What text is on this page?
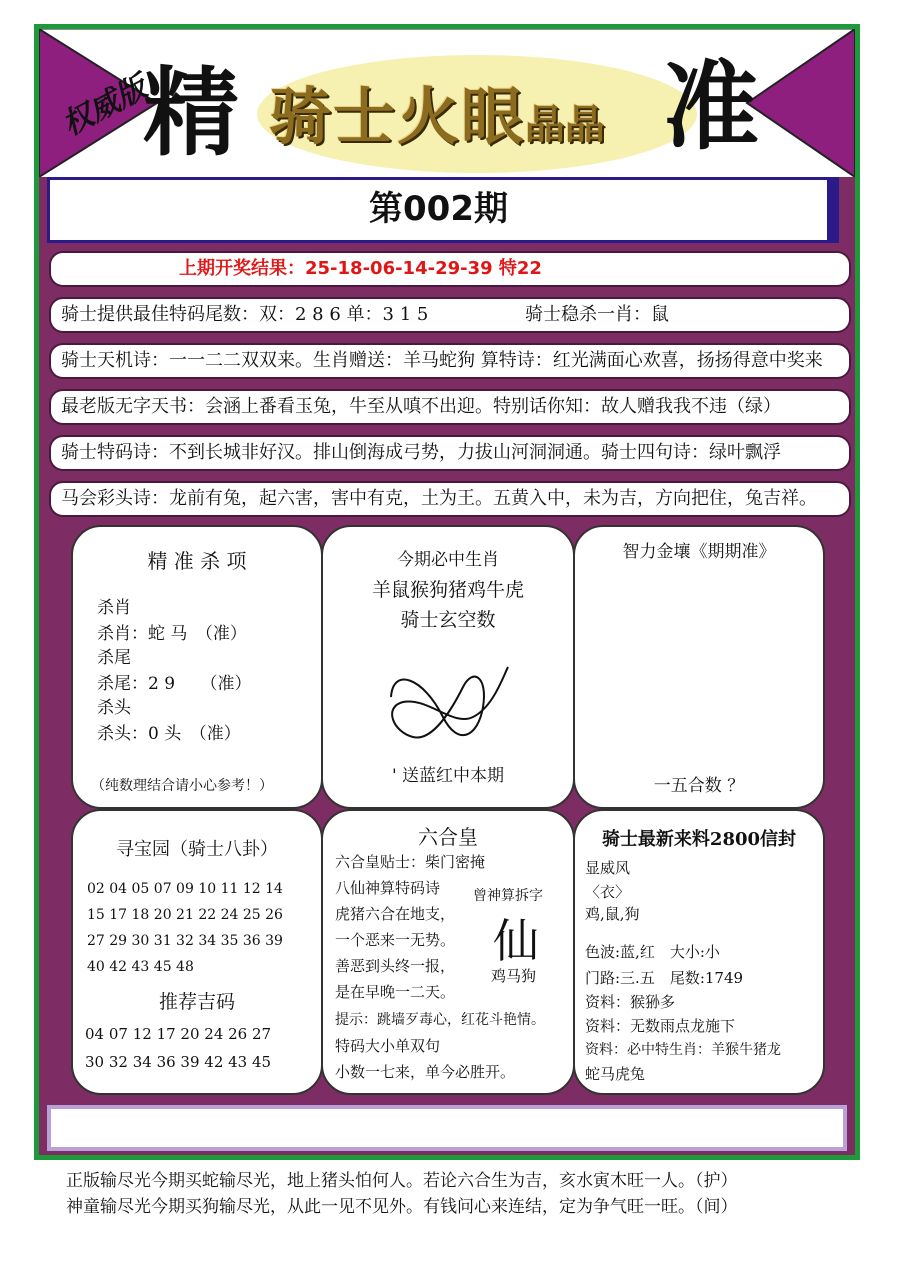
权威版
精 骑士火眼晶晶 准
第002期
上期开奖结果：25-18-06-14-29-39 特22
骑士提供最佳特码尾数：双：2 8 6 单：3 1 5	骑士稳杀一肖：鼠
骑士天机诗：一一二二双双来。生肖赠送：羊马蛇狗 算特诗：红光满面心欢喜，扬扬得意中奖来
最老版无字天书：会涵上番看玉兔，牛至从嗔不出迎。特别话你知：故人赠我我不违（绿）
骑士特码诗：不到长城非好汉。排山倒海成弓势，力拔山河洞洞通。骑士四句诗：绿叶飘浮
马会彩头诗：龙前有兔，起六害，害中有克，土为王。五黄入中，未为吉，方向把住，兔吉祥。
精 准 杀 项
杀肖
杀肖：蛇 马　（准）
杀尾
杀尾：2 9　　（准）
杀头
杀头：0 头　（准）
（纯数理结合请小心参考！）
今期必中生肖
羊鼠猴狗猪鸡牛虎
骑士玄空数
' 送蓝红中本期
智力金壤《期期准》
一五合数 ？
寻宝园（骑士八卦）
02 04 05 07 09 10 11 12 14
15 17 18 20 21 22 24 25 26
27 29 30 31 32 34 35 36 39
40 42 43 45 48
推荐吉码
04 07 12 17 20 24 26 27
30 32 34 36 39 42 43 45
六合皇
六合皇贴士：柴门密掩
八仙神算特码诗
虎猪六合在地支，
一个恶来一无势。
善恶到头终一报，
是在早晚一二天。
提示：跳墙歹毒心，红花斗艳情。
特码大小单双句
小数一七来，单今必胜开。
曾神算拆字
仙
鸡马狗
骑士最新来料2800信封
显威风
〈衣〉
鸡,鼠,狗
色波:蓝,红　大小:小
门路:三.五　尾数:1749
资料：猴狲多
资料：无数雨点龙施下
资料：必中特生肖：羊猴牛猪龙
蛇马虎兔
正版输尽光今期买蛇输尽光，地上猪头怕何人。若论六合生为吉，亥水寅木旺一人。（护）
神童输尽光今期买狗输尽光，从此一见不见外。有钱问心来连结，定为争气旺一旺。（间）
